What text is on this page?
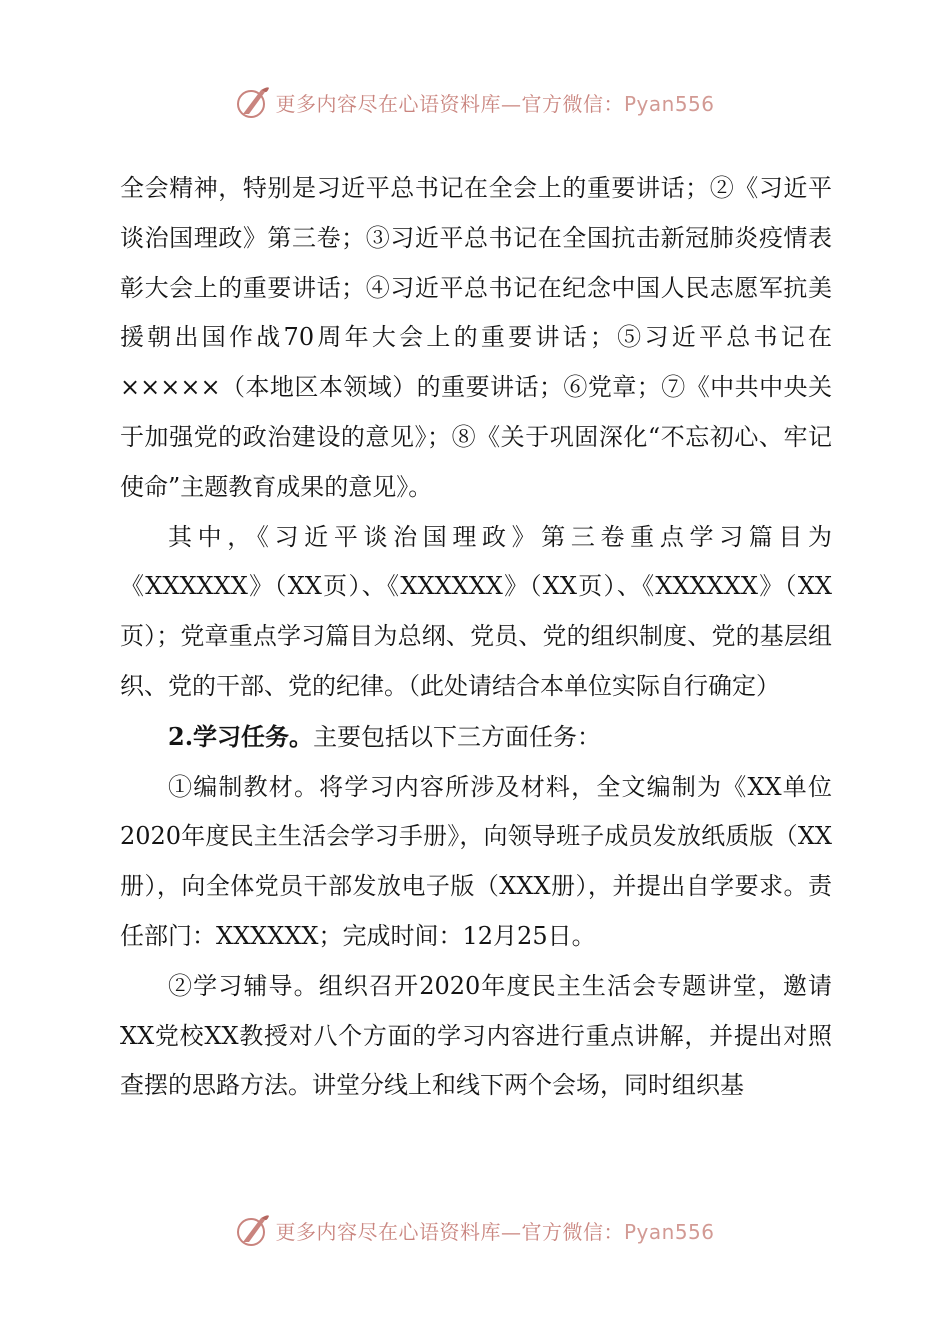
更多内容尽在心语资料库—官方微信：Pyan556

全会精神，特别是习近平总书记在全会上的重要讲话；②《习近平谈治国理政》第三卷；③习近平总书记在全国抗击新冠肺炎疫情表彰大会上的重要讲话；④习近平总书记在纪念中国人民志愿军抗美援朝出国作战70周年大会上的重要讲话；⑤习近平总书记在×××××（本地区本领域）的重要讲话；⑥党章；⑦《中共中央关于加强党的政治建设的意见》；⑧《关于巩固深化“不忘初心、牢记使命”主题教育成果的意见》。

其中，《习近平谈治国理政》第三卷重点学习篇目为《XXXXXX》（XX页）、《XXXXXX》（XX页）、《XXXXXX》（XX页）；党章重点学习篇目为总纲、党员、党的组织制度、党的基层组织、党的干部、党的纪律。（此处请结合本单位实际自行确定）

2.学习任务。主要包括以下三方面任务：

①编制教材。将学习内容所涉及材料，全文编制为《XX单位2020年度民主生活会学习手册》，向领导班子成员发放纸质版（XX册），向全体党员干部发放电子版（XXX册），并提出自学要求。责任部门：XXXXXX；完成时间：12月25日。

②学习辅导。组织召开2020年度民主生活会专题讲堂，邀请XX党校XX教授对八个方面的学习内容进行重点讲解，并提出对照查摆的思路方法。讲堂分线上和线下两个会场，同时组织基

更多内容尽在心语资料库—官方微信：Pyan556
